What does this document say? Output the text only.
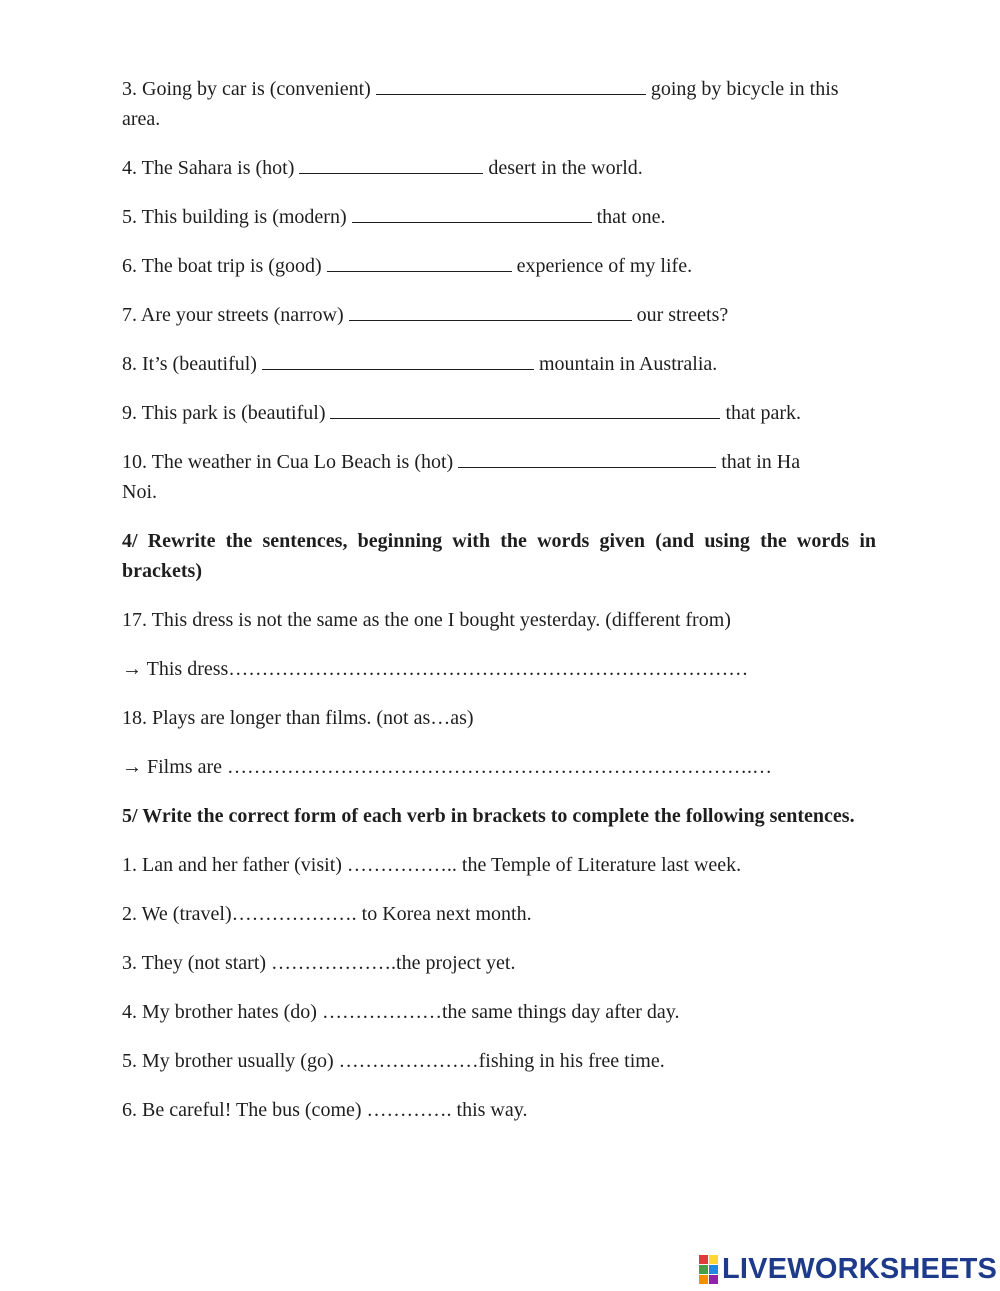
3. Going by car is (convenient)	going by bicycle in this

area.

4. The Sahara is (hot)	desert in the world.

5. This building is (modern)	that one.

6. The boat trip is (good)	experience of my life.

7. Are your streets (narrow)	our streets?

8. It’s (beautiful)	mountain in Australia.

9. This park is (beautiful)	that park.

10. The weather in Cua Lo Beach is (hot)	that in Ha

Noi.

4/ Rewrite the sentences, beginning with the words given (and using the words in brackets)

17. This dress is not the same as the one I bought yesterday. (different from)

→ This dress……………………………………………………………………

18. Plays are longer than films. (not as…as)

→ Films are …………………………………………………………………….…

5/ Write the correct form of each verb in brackets to complete the following sentences.

1. Lan and her father (visit) …………….. the Temple of Literature last week.

2. We (travel)………………. to Korea next month.

3. They (not start) ……………….the project yet.

4. My brother hates (do) ………………the same things day after day.

5. My brother usually (go) …………………fishing in his free time.

6. Be careful! The bus (come) …………. this way.

LIVEWORKSHEETS
